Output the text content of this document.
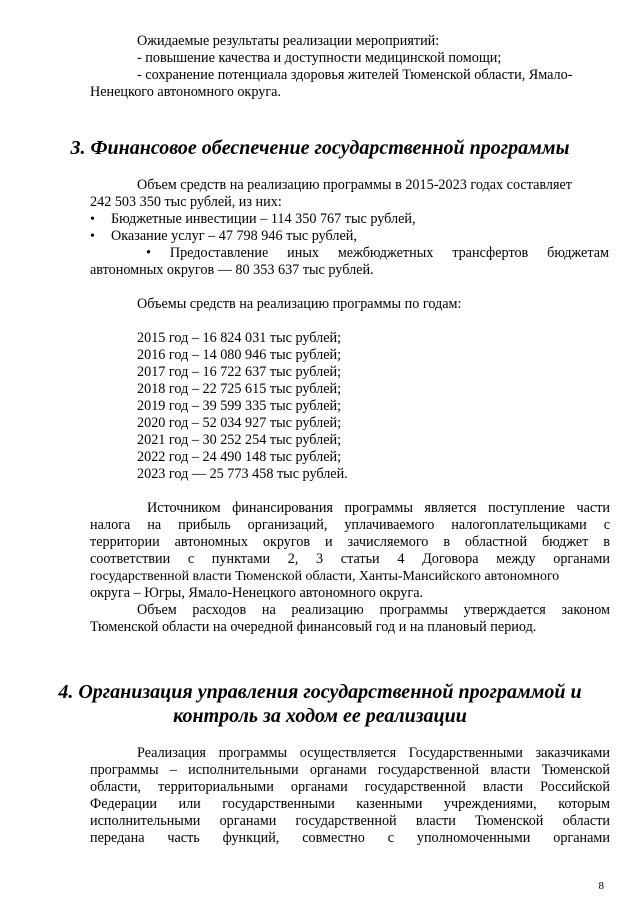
Ожидаемые результаты реализации мероприятий:
- повышение качества и доступности медицинской помощи;
- сохранение потенциала здоровья жителей Тюменской области, Ямало-
Ненецкого автономного округа.
3. Финансовое обеспечение государственной программы
Объем средств на реализацию программы в 2015-2023 годах составляет
242 503 350 тыс рублей, из них:
• Бюджетные инвестиции – 114 350 767 тыс рублей,
• Оказание услуг – 47 798 946 тыс рублей,
• Предоставление иных межбюджетных трансфертов бюджетам
автономных округов — 80 353 637 тыс рублей.
Объемы средств на реализацию программы по годам:
2015 год – 16 824 031 тыс рублей;
2016 год – 14 080 946 тыс рублей;
2017 год – 16 722 637 тыс рублей;
2018 год – 22 725 615 тыс рублей;
2019 год – 39 599 335 тыс рублей;
2020 год – 52 034 927 тыс рублей;
2021 год – 30 252 254 тыс рублей;
2022 год – 24 490 148 тыс рублей;
2023 год — 25 773 458 тыс рублей.
Источником финансирования программы является поступление части
налога на прибыль организаций, уплачиваемого налогоплательщиками с
территории автономных округов и зачисляемого в областной бюджет в
соответствии с пунктами 2, 3 статьи 4 Договора между органами
государственной власти Тюменской области, Ханты-Мансийского автономного
округа – Югры, Ямало-Ненецкого автономного округа.
Объем расходов на реализацию программы утверждается законом
Тюменской области на очередной финансовый год и на плановый период.
4. Организация управления государственной программой и
контроль за ходом ее реализации
Реализация программы осуществляется Государственными заказчиками
программы – исполнительными органами государственной власти Тюменской
области, территориальными органами государственной власти Российской
Федерации или государственными казенными учреждениями, которым
исполнительными органами государственной власти Тюменской области
передана часть функций, совместно с уполномоченными органами
8
